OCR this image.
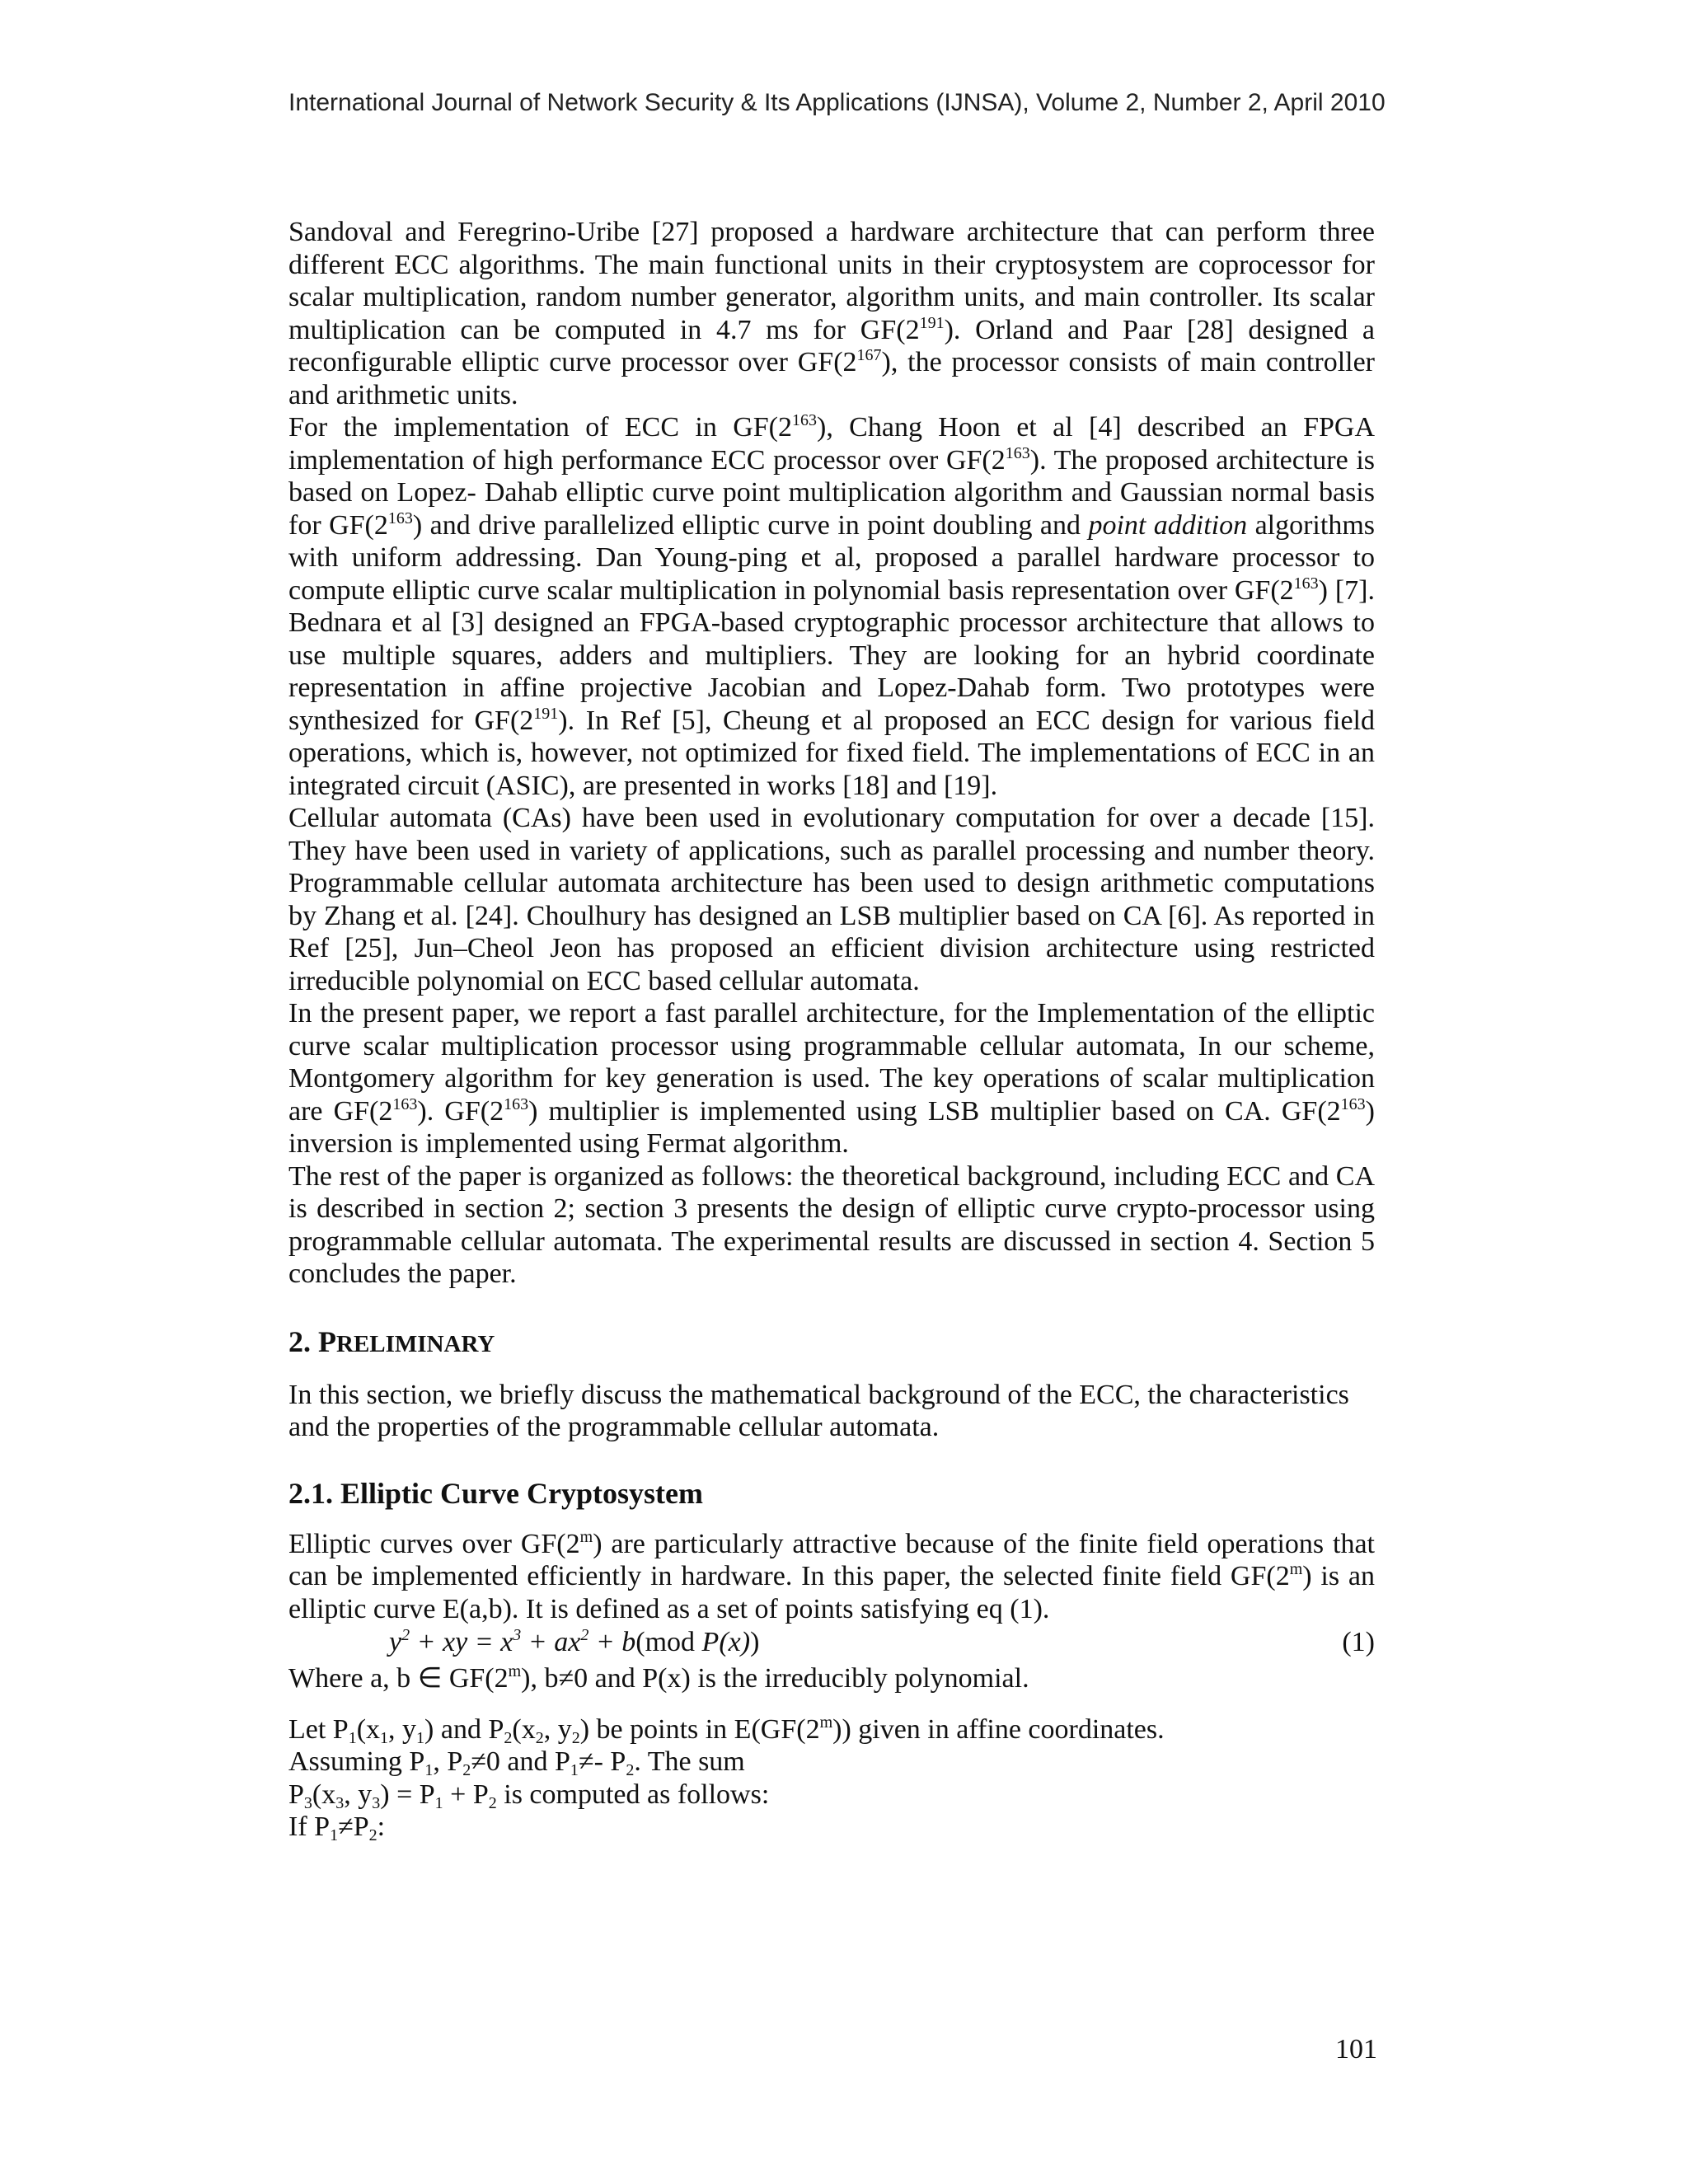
International Journal of Network Security & Its Applications (IJNSA), Volume 2, Number 2, April 2010

Sandoval and Feregrino-Uribe [27] proposed a hardware architecture that can perform three different ECC algorithms. The main functional units in their cryptosystem are coprocessor for scalar multiplication, random number generator, algorithm units, and main controller. Its scalar multiplication can be computed in 4.7 ms for $GF(2^{191})$. Orland and Paar [28] designed a reconfigurable elliptic curve processor over $GF(2^{167})$, the processor consists of main controller and arithmetic units.

For the implementation of ECC in $GF(2^{163})$, Chang Hoon et al [4] described an FPGA implementation of high performance ECC processor over $GF(2^{163})$. The proposed architecture is based on Lopez- Dahab elliptic curve point multiplication algorithm and Gaussian normal basis for $GF(2^{163})$ and drive parallelized elliptic curve in point doubling and point addition algorithms with uniform addressing. Dan Young-ping et al, proposed a parallel hardware processor to compute elliptic curve scalar multiplication in polynomial basis representation over $GF(2^{163})$ [7]. Bednara et al [3] designed an FPGA-based cryptographic processor architecture that allows to use multiple squares, adders and multipliers. They are looking for an hybrid coordinate representation in affine projective Jacobian and Lopez-Dahab form. Two prototypes were synthesized for $GF(2^{191})$. In Ref [5], Cheung et al proposed an ECC design for various field operations, which is, however, not optimized for fixed field. The implementations of ECC in an integrated circuit (ASIC), are presented in works [18] and [19].

Cellular automata (CAs) have been used in evolutionary computation for over a decade [15]. They have been used in variety of applications, such as parallel processing and number theory. Programmable cellular automata architecture has been used to design arithmetic computations by Zhang et al. [24]. Choulhury has designed an LSB multiplier based on CA [6]. As reported in Ref [25], Jun–Cheol Jeon has proposed an efficient division architecture using restricted irreducible polynomial on ECC based cellular automata.

In the present paper, we report a fast parallel architecture, for the Implementation of the elliptic curve scalar multiplication processor using programmable cellular automata, In our scheme, Montgomery algorithm for key generation is used. The key operations of scalar multiplication are $GF(2^{163})$. $GF(2^{163})$ multiplier is implemented using LSB multiplier based on CA. $GF(2^{163})$ inversion is implemented using Fermat algorithm.

The rest of the paper is organized as follows: the theoretical background, including ECC and CA is described in section 2; section 3 presents the design of elliptic curve crypto-processor using programmable cellular automata. The experimental results are discussed in section 4. Section 5 concludes the paper.

2. PRELIMINARY

In this section, we briefly discuss the mathematical background of the ECC, the characteristics and the properties of the programmable cellular automata.

2.1. Elliptic Curve Cryptosystem

Elliptic curves over GF(2$^m$) are particularly attractive because of the finite field operations that can be implemented efficiently in hardware. In this paper, the selected finite field GF(2$^m$) is an elliptic curve E(a,b). It is defined as a set of points satisfying eq (1).

$y^2$ + xy = $x^3 + ax^2 + b(mod$ P(x))	(1)

Where a, b ∈ GF(2$^m$), b≠0 and P(x) is the irreducibly polynomial.

Let $P_1(x_1$, $y_1$) and $P_2(x_2$, $y_2$) be points in E(GF(2$^m$)) given in affine coordinates.
Assuming $P_1$, $P_2\ne 0$ and $P_1\ne-$ $P_2$. The sum
$P_3(x_3$, $y_3) = P_1 + P_2$ is computed as follows:
If $P_1\ne P_2$:
101
